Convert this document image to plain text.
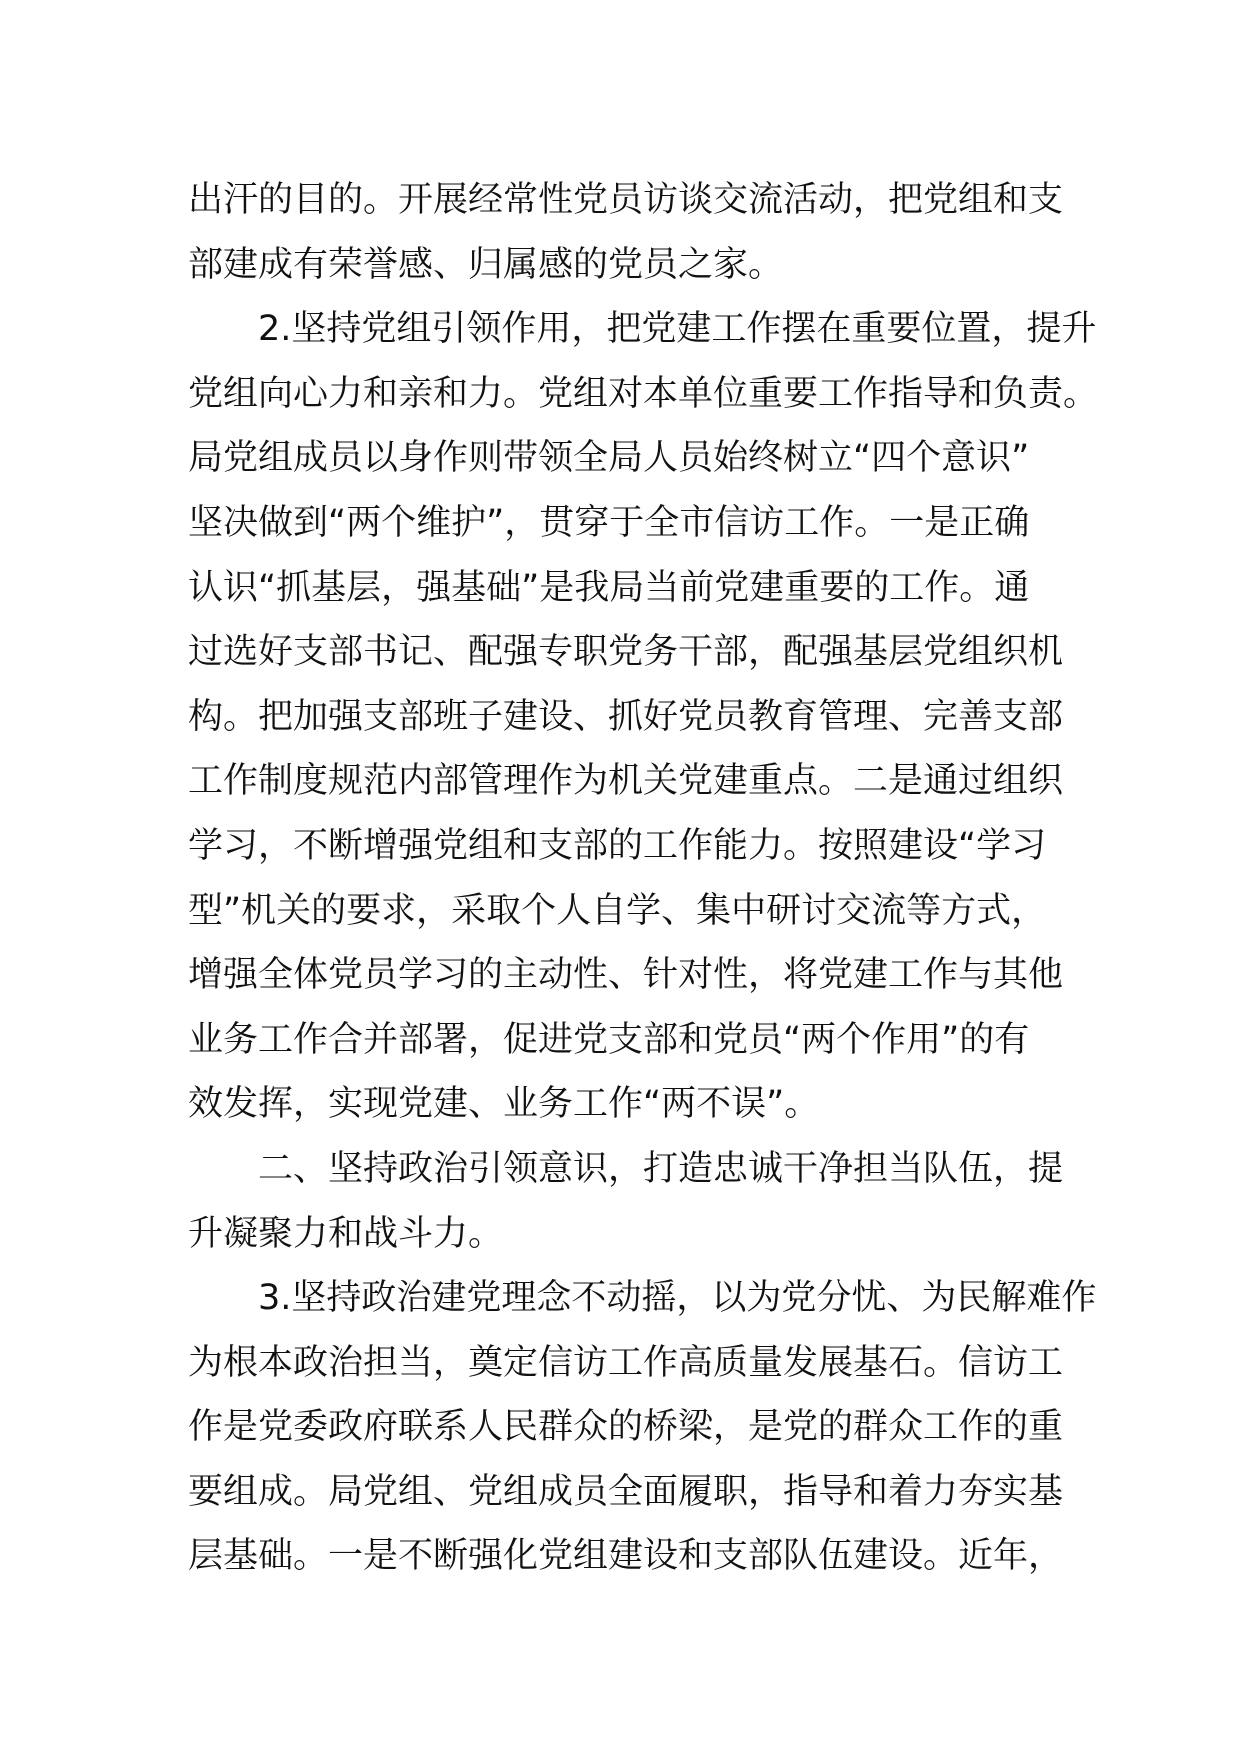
出汗的目的。开展经常性党员访谈交流活动，把党组和支
部建成有荣誉感、归属感的党员之家。

2.坚持党组引领作用，把党建工作摆在重要位置，提升
党组向心力和亲和力。党组对本单位重要工作指导和负责。
局党组成员以身作则带领全局人员始终树立“四个意识”
坚决做到“两个维护”，贯穿于全市信访工作。一是正确
认识“抓基层，强基础”是我局当前党建重要的工作。通
过选好支部书记、配强专职党务干部，配强基层党组织机
构。把加强支部班子建设、抓好党员教育管理、完善支部
工作制度规范内部管理作为机关党建重点。二是通过组织
学习，不断增强党组和支部的工作能力。按照建设“学习
型”机关的要求，采取个人自学、集中研讨交流等方式，
增强全体党员学习的主动性、针对性，将党建工作与其他
业务工作合并部署，促进党支部和党员“两个作用”的有
效发挥，实现党建、业务工作“两不误”。

二、坚持政治引领意识，打造忠诚干净担当队伍，提
升凝聚力和战斗力。

3.坚持政治建党理念不动摇，以为党分忧、为民解难作
为根本政治担当，奠定信访工作高质量发展基石。信访工
作是党委政府联系人民群众的桥梁，是党的群众工作的重
要组成。局党组、党组成员全面履职，指导和着力夯实基
层基础。一是不断强化党组建设和支部队伍建设。近年，
